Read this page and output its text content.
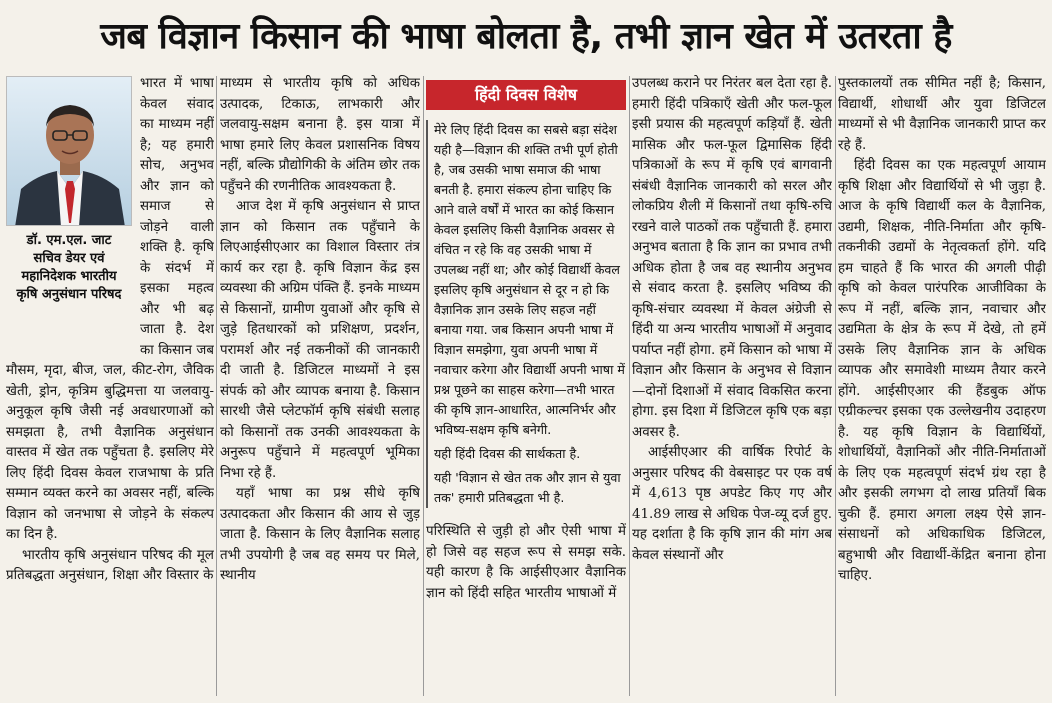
जब विज्ञान किसान की भाषा बोलता है, तभी ज्ञान खेत में उतरता है
डॉ. एम.एल. जाट
सचिव डेयर एवं
महानिदेशक भारतीय
कृषि अनुसंधान परिषद

भारत में भाषा केवल संवाद का माध्यम नहीं है; यह हमारी सोच, अनुभव और ज्ञान को समाज से जोड़ने वाली शक्ति है. कृषि के संदर्भ में इसका महत्व और भी बढ़ जाता है. देश का किसान जब मौसम, मृदा, बीज, जल, कीट-रोग, जैविक खेती, ड्रोन, कृत्रिम बुद्धिमत्ता या जलवायु-अनुकूल कृषि जैसी नई अवधारणाओं को समझता है, तभी वैज्ञानिक अनुसंधान वास्तव में खेत तक पहुँचता है. इसलिए मेरे लिए हिंदी दिवस केवल राजभाषा के प्रति सम्मान व्यक्त करने का अवसर नहीं, बल्कि विज्ञान को जनभाषा से जोड़ने के संकल्प का दिन है.

भारतीय कृषि अनुसंधान परिषद की मूल प्रतिबद्धता अनुसंधान, शिक्षा और विस्तार के

माध्यम से भारतीय कृषि को अधिक उत्पादक, टिकाऊ, लाभकारी और जलवायु-सक्षम बनाना है. इस यात्रा में भाषा हमारे लिए केवल प्रशासनिक विषय नहीं, बल्कि प्रौद्योगिकी के अंतिम छोर तक पहुँचने की रणनीतिक आवश्यकता है.

आज देश में कृषि अनुसंधान से प्राप्त ज्ञान को किसान तक पहुँचाने के लिएआईसीएआर का विशाल विस्तार तंत्र कार्य कर रहा है. कृषि विज्ञान केंद्र इस व्यवस्था की अग्रिम पंक्ति हैं. इनके माध्यम से किसानों, ग्रामीण युवाओं और कृषि से जुड़े हितधारकों को प्रशिक्षण, प्रदर्शन, परामर्श और नई तकनीकों की जानकारी दी जाती है. डिजिटल माध्यमों ने इस संपर्क को और व्यापक बनाया है. किसान सारथी जैसे प्लेटफॉर्म कृषि संबंधी सलाह को किसानों तक उनकी आवश्यकता के अनुरूप पहुँचाने में महत्वपूर्ण भूमिका निभा रहे हैं.

यहाँ भाषा का प्रश्न सीधे कृषि उत्पादकता और किसान की आय से जुड़ जाता है. किसान के लिए वैज्ञानिक सलाह तभी उपयोगी है जब वह समय पर मिले, स्थानीय

हिंदी दिवस विशेष

मेरे लिए हिंदी दिवस का सबसे बड़ा संदेश यही है—विज्ञान की शक्ति तभी पूर्ण होती है, जब उसकी भाषा समाज की भाषा बनती है. हमारा संकल्प होना चाहिए कि आने वाले वर्षों में भारत का कोई किसान केवल इसलिए किसी वैज्ञानिक अवसर से वंचित न रहे कि वह उसकी भाषा में उपलब्ध नहीं था; और कोई विद्यार्थी केवल इसलिए कृषि अनुसंधान से दूर न हो कि वैज्ञानिक ज्ञान उसके लिए सहज नहीं बनाया गया. जब किसान अपनी भाषा में विज्ञान समझेगा, युवा अपनी भाषा में नवाचार करेगा और विद्यार्थी अपनी भाषा में प्रश्न पूछने का साहस करेगा—तभी भारत की कृषि ज्ञान-आधारित, आत्मनिर्भर और भविष्य-सक्षम कृषि बनेगी.

यही हिंदी दिवस की सार्थकता है.

यही 'विज्ञान से खेत तक और ज्ञान से युवा तक' हमारी प्रतिबद्धता भी है.

परिस्थिति से जुड़ी हो और ऐसी भाषा में हो जिसे वह सहज रूप से समझ सके. यही कारण है कि आईसीएआर वैज्ञानिक ज्ञान को हिंदी सहित भारतीय भाषाओं में

उपलब्ध कराने पर निरंतर बल देता रहा है. हमारी हिंदी पत्रिकाएँ खेती और फल-फूल इसी प्रयास की महत्वपूर्ण कड़ियाँ हैं. खेती मासिक और फल-फूल द्विमासिक हिंदी पत्रिकाओं के रूप में कृषि एवं बागवानी संबंधी वैज्ञानिक जानकारी को सरल और लोकप्रिय शैली में किसानों तथा कृषि-रुचि रखने वाले पाठकों तक पहुँचाती हैं. हमारा अनुभव बताता है कि ज्ञान का प्रभाव तभी अधिक होता है जब वह स्थानीय अनुभव से संवाद करता है. इसलिए भविष्य की कृषि-संचार व्यवस्था में केवल अंग्रेजी से हिंदी या अन्य भारतीय भाषाओं में अनुवाद पर्याप्त नहीं होगा. हमें किसान को भाषा में विज्ञान और किसान के अनुभव से विज्ञान—दोनों दिशाओं में संवाद विकसित करना होगा. इस दिशा में डिजिटल कृषि एक बड़ा अवसर है.

आईसीएआर की वार्षिक रिपोर्ट के अनुसार परिषद की वेबसाइट पर एक वर्ष में 4,613 पृष्ठ अपडेट किए गए और 41.89 लाख से अधिक पेज-व्यू दर्ज हुए. यह दर्शाता है कि कृषि ज्ञान की मांग अब केवल संस्थानों और

पुस्तकालयों तक सीमित नहीं है; किसान, विद्यार्थी, शोधार्थी और युवा डिजिटल माध्यमों से भी वैज्ञानिक जानकारी प्राप्त कर रहे हैं.

हिंदी दिवस का एक महत्वपूर्ण आयाम कृषि शिक्षा और विद्यार्थियों से भी जुड़ा है. आज के कृषि विद्यार्थी कल के वैज्ञानिक, उद्यमी, शिक्षक, नीति-निर्माता और कृषि-तकनीकी उद्यमों के नेतृत्वकर्ता होंगे. यदि हम चाहते हैं कि भारत की अगली पीढ़ी कृषि को केवल पारंपरिक आजीविका के रूप में नहीं, बल्कि ज्ञान, नवाचार और उद्यमिता के क्षेत्र के रूप में देखे, तो हमें उसके लिए वैज्ञानिक ज्ञान के अधिक व्यापक और समावेशी माध्यम तैयार करने होंगे. आईसीएआर की हैंडबुक ऑफ एग्रीकल्चर इसका एक उल्लेखनीय उदाहरण है. यह कृषि विज्ञान के विद्यार्थियों, शोधार्थियों, वैज्ञानिकों और नीति-निर्माताओं के लिए एक महत्वपूर्ण संदर्भ ग्रंथ रहा है और इसकी लगभग दो लाख प्रतियाँ बिक चुकी हैं. हमारा अगला लक्ष्य ऐसे ज्ञान-संसाधनों को अधिकाधिक डिजिटल, बहुभाषी और विद्यार्थी-केंद्रित बनाना होना चाहिए.
